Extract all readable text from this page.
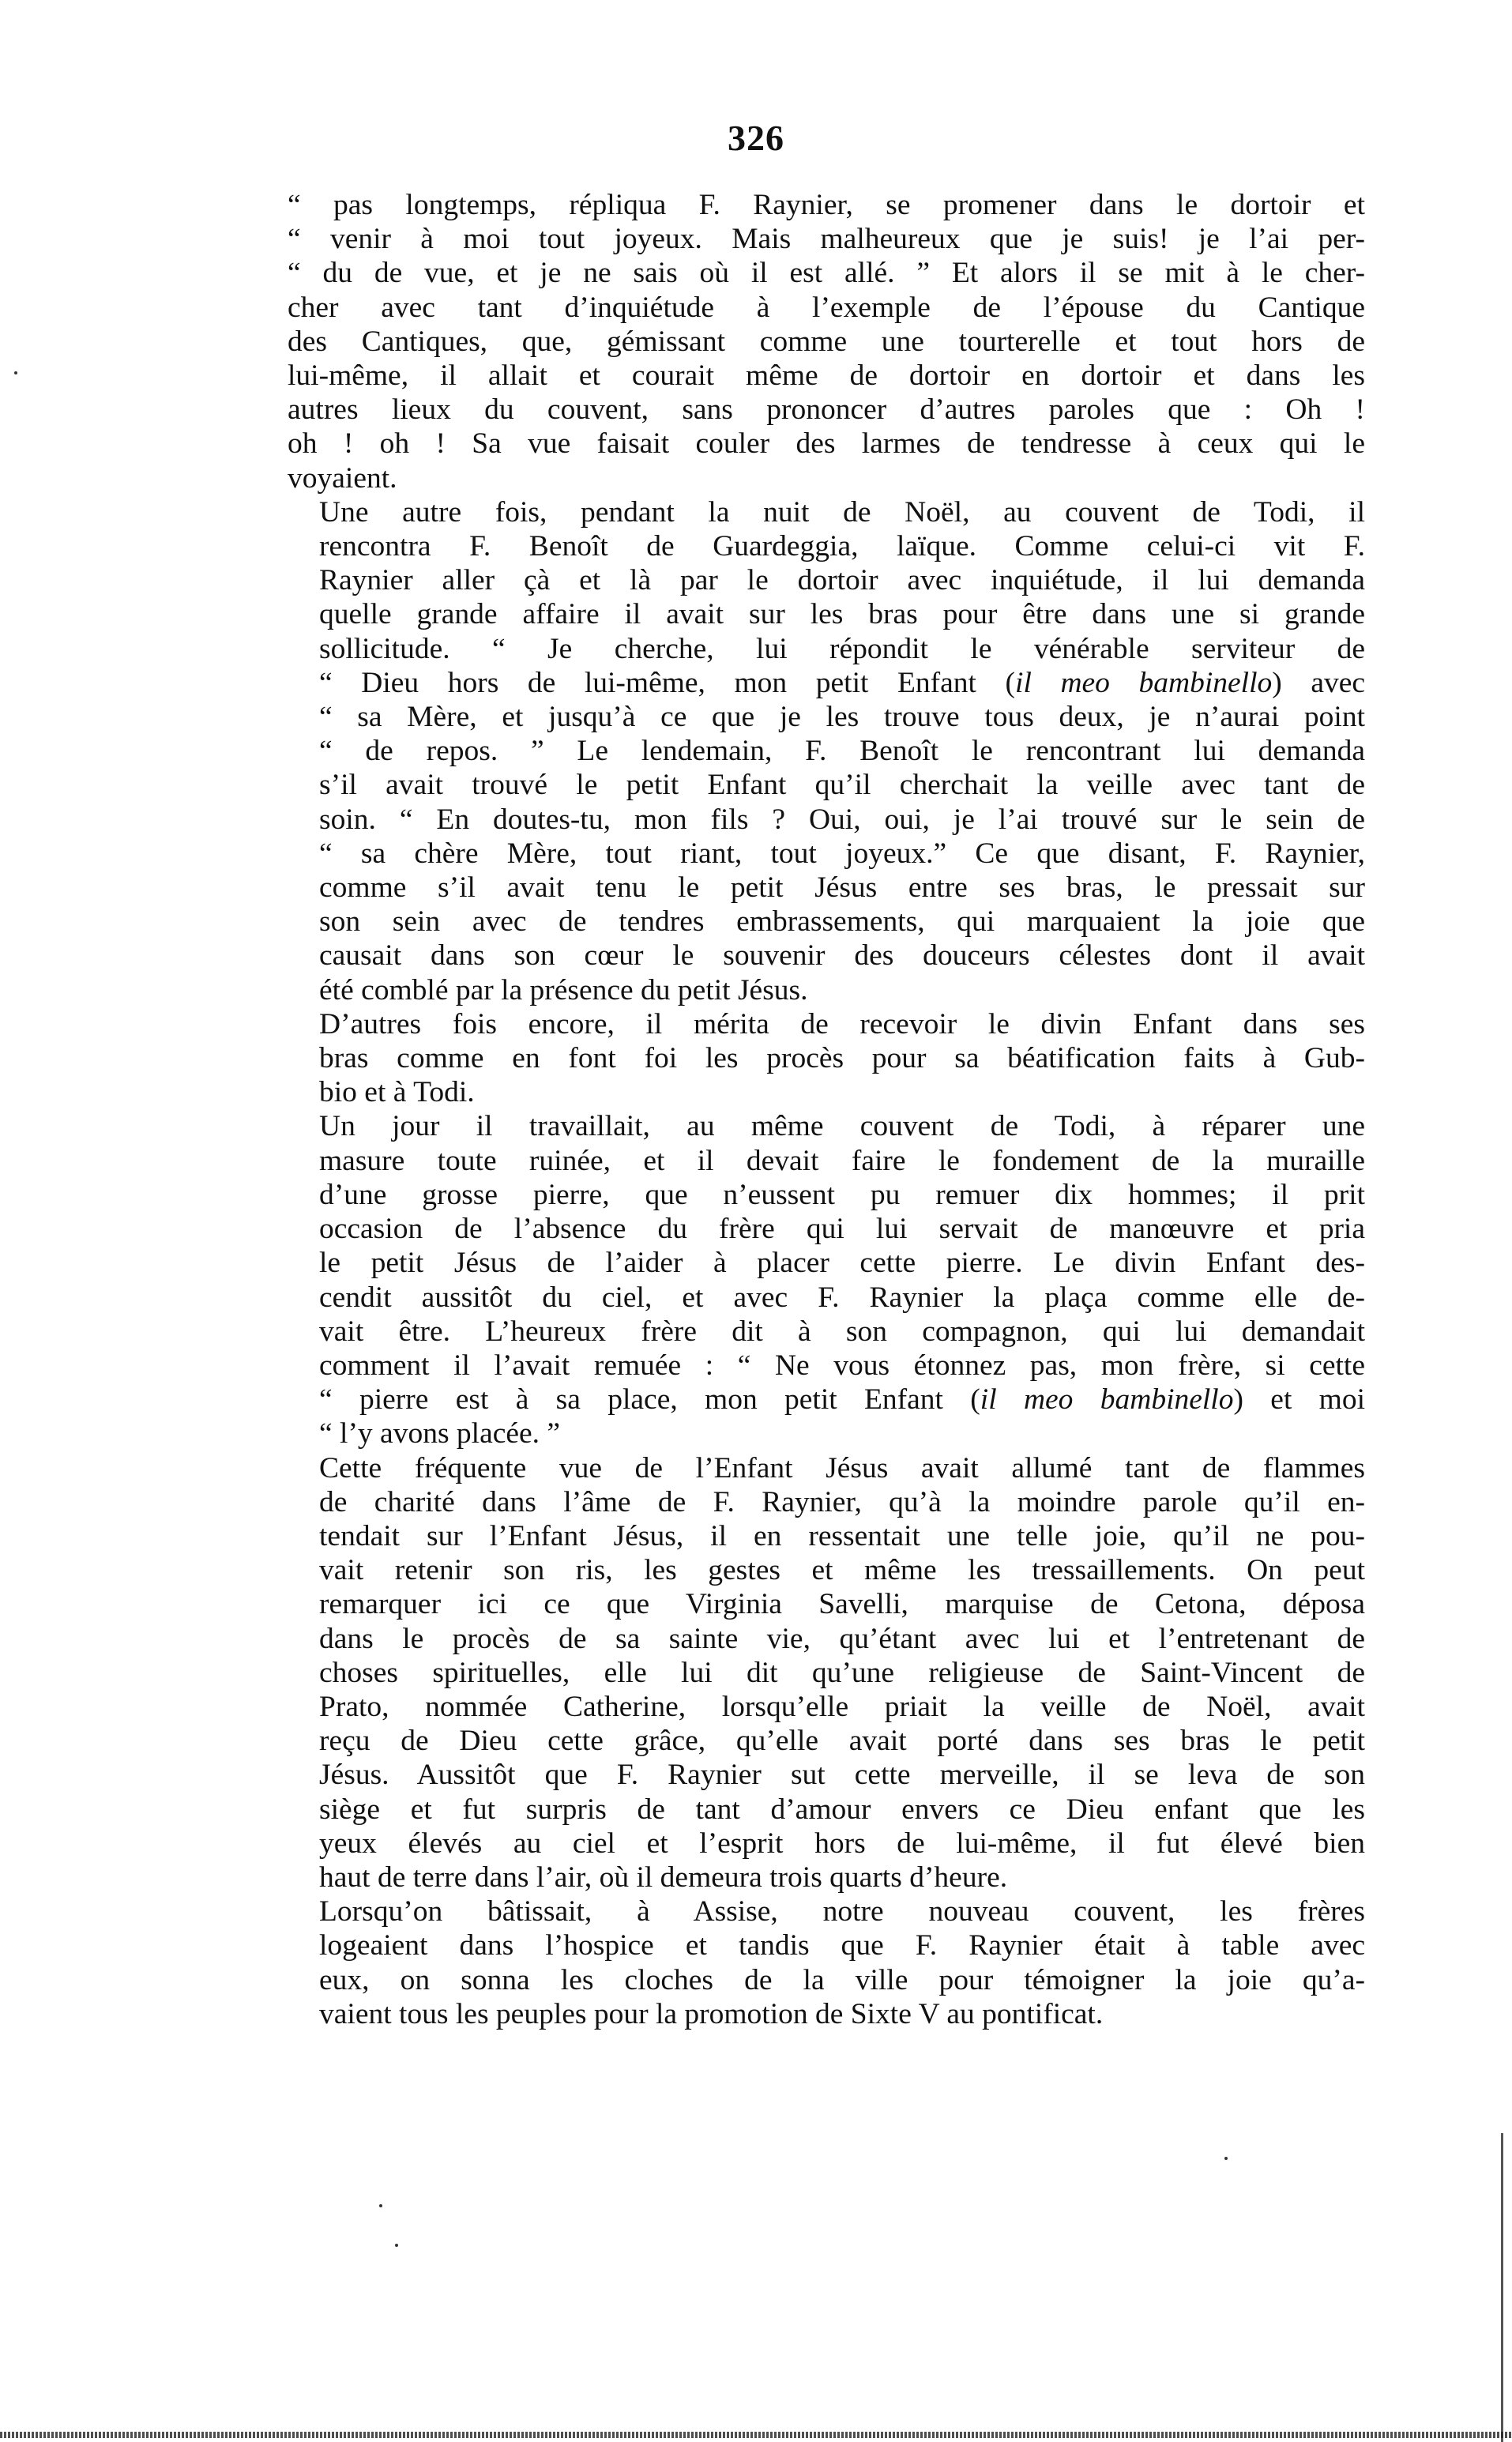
326
“ pas longtemps, répliqua F. Raynier, se promener dans le dortoir et
“ venir à moi tout joyeux. Mais malheureux que je suis! je l’ai per-
“ du de vue, et je ne sais où il est allé. ” Et alors il se mit à le cher-
cher avec tant d’inquiétude à l’exemple de l’épouse du Cantique
des Cantiques, que, gémissant comme une tourterelle et tout hors de
lui-même, il allait et courait même de dortoir en dortoir et dans les
autres lieux du couvent, sans prononcer d’autres paroles que : Oh !
oh ! oh ! Sa vue faisait couler des larmes de tendresse à ceux qui le
voyaient.
Une autre fois, pendant la nuit de Noël, au couvent de Todi, il
rencontra F. Benoît de Guardeggia, laïque. Comme celui-ci vit F.
Raynier aller çà et là par le dortoir avec inquiétude, il lui demanda
quelle grande affaire il avait sur les bras pour être dans une si grande
sollicitude. “ Je cherche, lui répondit le vénérable serviteur de
“ Dieu hors de lui-même, mon petit Enfant (il meo bambinello) avec
“ sa Mère, et jusqu’à ce que je les trouve tous deux, je n’aurai point
“ de repos. ” Le lendemain, F. Benoît le rencontrant lui demanda
s’il avait trouvé le petit Enfant qu’il cherchait la veille avec tant de
soin. “ En doutes-tu, mon fils ? Oui, oui, je l’ai trouvé sur le sein de
“ sa chère Mère, tout riant, tout joyeux.” Ce que disant, F. Raynier,
comme s’il avait tenu le petit Jésus entre ses bras, le pressait sur
son sein avec de tendres embrassements, qui marquaient la joie que
causait dans son cœur le souvenir des douceurs célestes dont il avait
été comblé par la présence du petit Jésus.
D’autres fois encore, il mérita de recevoir le divin Enfant dans ses
bras comme en font foi les procès pour sa béatification faits à Gub-
bio et à Todi.
Un jour il travaillait, au même couvent de Todi, à réparer une
masure toute ruinée, et il devait faire le fondement de la muraille
d’une grosse pierre, que n’eussent pu remuer dix hommes; il prit
occasion de l’absence du frère qui lui servait de manœuvre et pria
le petit Jésus de l’aider à placer cette pierre. Le divin Enfant des-
cendit aussitôt du ciel, et avec F. Raynier la plaça comme elle de-
vait être. L’heureux frère dit à son compagnon, qui lui demandait
comment il l’avait remuée : “ Ne vous étonnez pas, mon frère, si cette
“ pierre est à sa place, mon petit Enfant (il meo bambinello) et moi
“ l’y avons placée. ”
Cette fréquente vue de l’Enfant Jésus avait allumé tant de flammes
de charité dans l’âme de F. Raynier, qu’à la moindre parole qu’il en-
tendait sur l’Enfant Jésus, il en ressentait une telle joie, qu’il ne pou-
vait retenir son ris, les gestes et même les tressaillements. On peut
remarquer ici ce que Virginia Savelli, marquise de Cetona, déposa
dans le procès de sa sainte vie, qu’étant avec lui et l’entretenant de
choses spirituelles, elle lui dit qu’une religieuse de Saint-Vincent de
Prato, nommée Catherine, lorsqu’elle priait la veille de Noël, avait
reçu de Dieu cette grâce, qu’elle avait porté dans ses bras le petit
Jésus. Aussitôt que F. Raynier sut cette merveille, il se leva de son
siège et fut surpris de tant d’amour envers ce Dieu enfant que les
yeux élevés au ciel et l’esprit hors de lui-même, il fut élevé bien
haut de terre dans l’air, où il demeura trois quarts d’heure.
Lorsqu’on bâtissait, à Assise, notre nouveau couvent, les frères
logeaient dans l’hospice et tandis que F. Raynier était à table avec
eux, on sonna les cloches de la ville pour témoigner la joie qu’a-
vaient tous les peuples pour la promotion de Sixte V au pontificat.
